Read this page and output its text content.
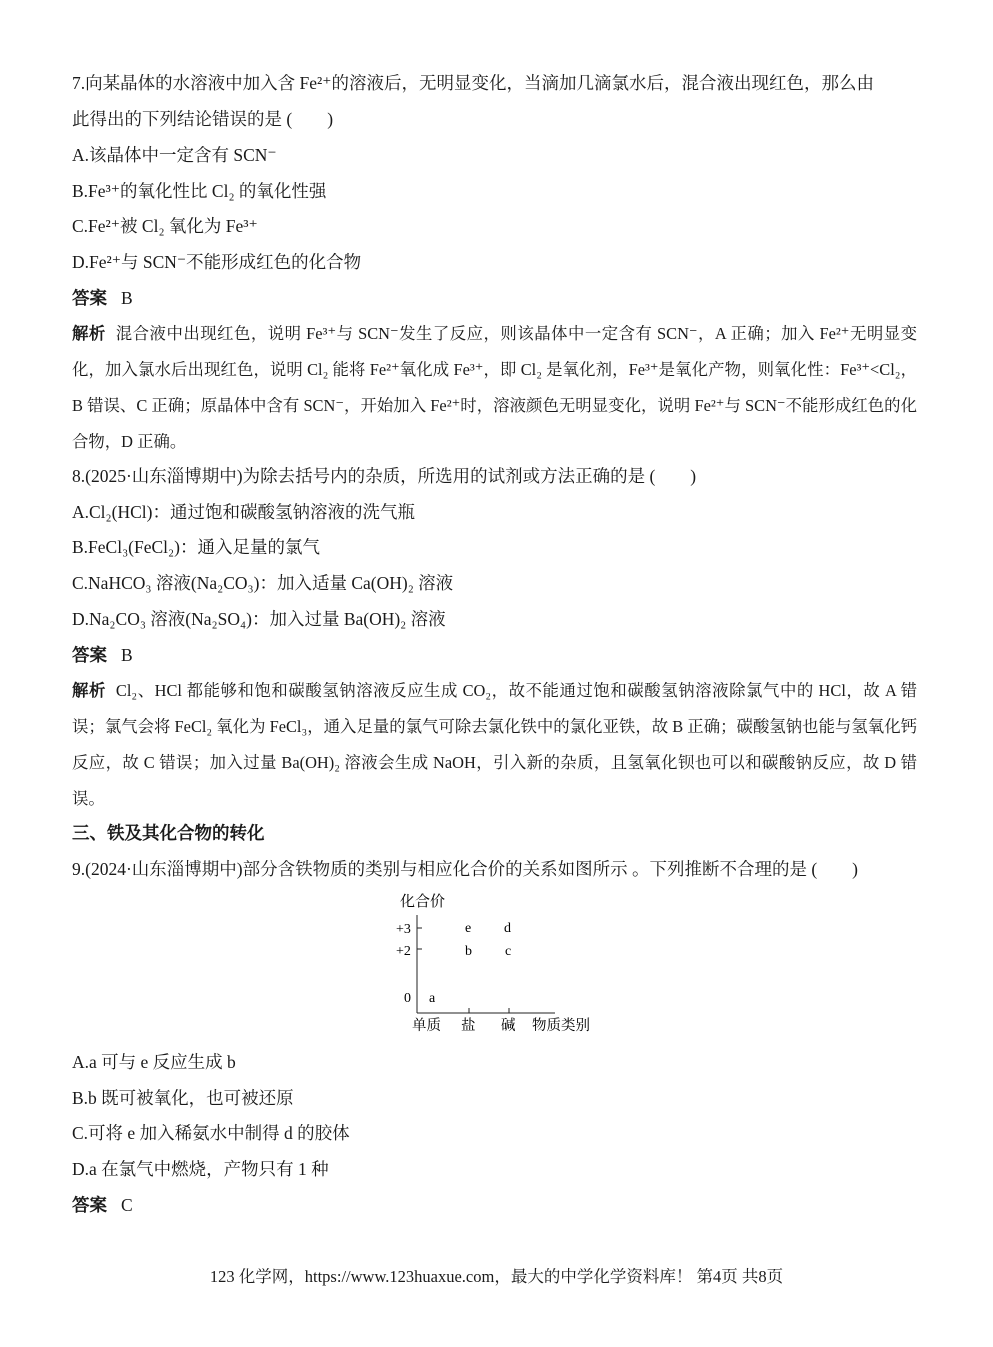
7.向某晶体的水溶液中加入含 Fe²⁺的溶液后，无明显变化，当滴加几滴氯水后，混合液出现红色，那么由
此得出的下列结论错误的是 (　　)
A.该晶体中一定含有 SCN⁻
B.Fe³⁺的氧化性比 Cl₂ 的氧化性强
C.Fe²⁺被 Cl₂ 氧化为 Fe³⁺
D.Fe²⁺与 SCN⁻不能形成红色的化合物
答案 B
解析 混合液中出现红色，说明 Fe³⁺与 SCN⁻发生了反应，则该晶体中一定含有 SCN⁻，A 正确；加入 Fe²⁺无明显变化，加入氯水后出现红色，说明 Cl₂ 能将 Fe²⁺氧化成 Fe³⁺，即 Cl₂ 是氧化剂，Fe³⁺是氧化产物，则氧化性：Fe³⁺<Cl₂，B 错误、C 正确；原晶体中含有 SCN⁻，开始加入 Fe²⁺时，溶液颜色无明显变化，说明 Fe²⁺与 SCN⁻不能形成红色的化合物，D 正确。
8.(2025·山东淄博期中)为除去括号内的杂质，所选用的试剂或方法正确的是 (　　)
A.Cl₂(HCl)：通过饱和碳酸氢钠溶液的洗气瓶
B.FeCl₃(FeCl₂)：通入足量的氯气
C.NaHCO₃ 溶液(Na₂CO₃)：加入适量 Ca(OH)₂ 溶液
D.Na₂CO₃ 溶液(Na₂SO₄)：加入过量 Ba(OH)₂ 溶液
答案 B
解析 Cl₂、HCl 都能够和饱和碳酸氢钠溶液反应生成 CO₂，故不能通过饱和碳酸氢钠溶液除氯气中的 HCl，故 A 错误；氯气会将 FeCl₂ 氧化为 FeCl₃，通入足量的氯气可除去氯化铁中的氯化亚铁，故 B 正确；碳酸氢钠也能与氢氧化钙反应，故 C 错误；加入过量 Ba(OH)₂ 溶液会生成 NaOH，引入新的杂质，且氢氧化钡也可以和碳酸钠反应，故 D 错误。
三、铁及其化合物的转化
9.(2024·山东淄博期中)部分含铁物质的类别与相应化合价的关系如图所示 。下列推断不合理的是 (　　)
化合价
+3
+2
0
单质 盐 碱 物质类别
e d
b c
a
A.a 可与 e 反应生成 b
B.b 既可被氧化，也可被还原
C.可将 e 加入稀氨水中制得 d 的胶体
D.a 在氯气中燃烧，产物只有 1 种
答案 C
123 化学网，https://www.123huaxue.com，最大的中学化学资料库！ 第4页 共8页
